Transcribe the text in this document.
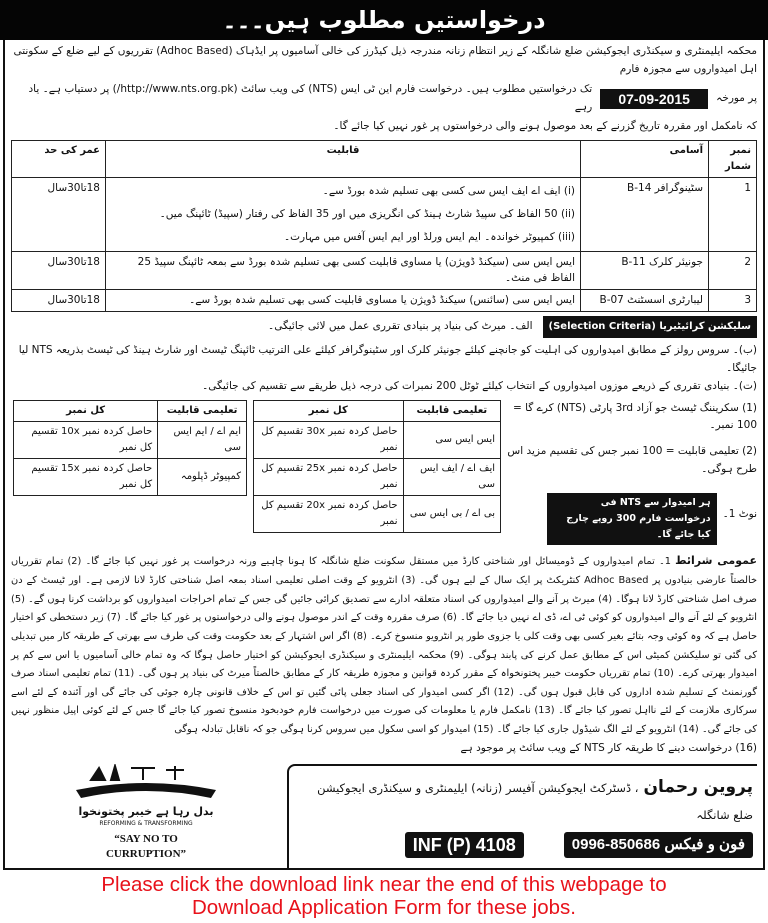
درخواستیں مطلوب ہیں۔۔۔
محکمہ ایلیمنٹری و سیکنڈری ایجوکیشن ضلع شانگلہ کے زیر انتظام زنانہ مندرجہ ذیل کیڈرز کی خالی آسامیوں پر ایڈہاک (Adhoc Based) تقرریوں کے لیے ضلع کے سکونتی اہل امیدواروں سے مجوزہ فارم
پر مورخہ
07-09-2015
تک درخواستیں مطلوب ہیں۔ درخواست فارم این ٹی ایس (NTS) کی ویب سائٹ (http://www.nts.org.pk/) پر دستیاب ہے۔ یاد رہے
کہ نامکمل اور مقررہ تاریخ گزرنے کے بعد موصول ہونے والی درخواستوں پر غور نہیں کیا جائے گا۔
نمبر شمار	آسامی	قابلیت	عمر کی حد
1	سٹینوگرافر B-14	(i) ایف اے ایف ایس سی کسی بھی تسلیم شدہ بورڈ سے۔
(ii) 50 الفاظ کی سپیڈ شارٹ ہینڈ کی انگریزی میں اور 35 الفاظ کی رفتار (سپیڈ) ٹائپنگ میں۔
(iii) کمپیوٹر خواندہ۔ ایم ایس ورلڈ اور ایم ایس آفس میں مہارت۔	18تا30سال
2	جونیئر کلرک B-11	ایس ایس سی (سیکنڈ ڈویژن) یا مساوی قابلیت کسی بھی تسلیم شدہ بورڈ سے بمعہ ٹائپنگ سپیڈ 25 الفاظ فی منٹ۔	18تا30سال
3	لیبارٹری اسسٹنٹ B-07	ایس ایس سی (سائنس) سیکنڈ ڈویژن یا مساوی قابلیت کسی بھی تسلیم شدہ بورڈ سے۔	18تا30سال
سلیکشن کرائیٹیریا (Selection Criteria)
الف۔ میرٹ کی بنیاد پر بنیادی تقرری عمل میں لائی جائیگی۔
(ب)۔ سروس رولز کے مطابق امیدواروں کی اہلیت کو جانچنے کیلئے جونیئر کلرک اور سٹینوگرافر کیلئے علی الترتیب ٹائپنگ ٹیسٹ اور شارٹ ہینڈ کی ٹیسٹ بذریعہ NTS لیا جائیگا۔
(ت)۔ بنیادی تقرری کے ذریعے موزوں امیدواروں کے انتخاب کیلئے ٹوٹل 200 نمبرات کی درجہ ذیل طریقے سے تقسیم کی جائیگی۔
(1) سکریننگ ٹیسٹ جو آزاد 3rd پارٹی (NTS) کرے گا = 100 نمبر۔
(2) تعلیمی قابلیت = 100 نمبر جس کی تقسیم مزید اس طرح ہوگی۔
نوٹ 1۔
ہر امیدوار سے NTS فی درخواست فارم 300 روپے چارج کیا جائے گا۔
تعلیمی قابلیت	کل نمبر
ایس ایس سی	حاصل کردہ نمبر 30x تقسیم کل نمبر
ایف اے / ایف ایس سی	حاصل کردہ نمبر 25x تقسیم کل نمبر
بی اے / بی ایس سی	حاصل کردہ نمبر 20x تقسیم کل نمبر
تعلیمی قابلیت	کل نمبر
ایم اے / ایم ایس سی	حاصل کردہ نمبر 10x تقسیم کل نمبر
کمپیوٹر ڈپلومہ	حاصل کردہ نمبر 15x تقسیم کل نمبر
عمومی شرائط 1۔ تمام امیدواروں کے ڈومیسائل اور شناختی کارڈ میں مستقل سکونت ضلع شانگلہ کا ہونا چاہیے ورنہ درخواست پر غور نہیں کیا جائے گا۔ (2) تمام تقرریاں خالصتاً عارضی بنیادوں پر Adhoc Based کنٹریکٹ پر ایک سال کے لیے ہوں گی۔ (3) انٹرویو کے وقت اصلی تعلیمی اسناد بمعہ اصل شناختی کارڈ لانا لازمی ہے۔ اور ٹیسٹ کے دن صرف اصل شناختی کارڈ لانا ہوگا۔ (4) میرٹ پر آنے والے امیدواروں کی اسناد متعلقہ ادارے سے تصدیق کرائی جائیں گی جس کے تمام اخراجات امیدواروں کو برداشت کرنا ہوں گے۔ (5) انٹرویو کے لئے آنے والے امیدواروں کو کوئی ٹی اے، ڈی اے نہیں دیا جائے گا۔ (6) صرف مقررہ وقت کے اندر موصول ہونے والی درخواستوں پر غور کیا جائے گا۔ (7) زیر دستخطی کو اختیار حاصل ہے کہ وہ کوئی وجہ بتائے بغیر کسی بھی وقت کلی یا جزوی طور پر انٹرویو منسوخ کرے۔ (8) اگر اس اشتہار کے بعد حکومت وقت کی طرف سے بھرتی کے طریقہ کار میں تبدیلی کی گئی تو سلیکشن کمیٹی اس کے مطابق عمل کرنے کی پابند ہوگی۔ (9) محکمہ ایلیمنٹری و سیکنڈری ایجوکیشن کو اختیار حاصل ہوگا کہ وہ تمام خالی آسامیوں یا اس سے کم پر امیدوار بھرتی کرے۔ (10) تمام تقرریاں حکومت خیبر پختونخواہ کے مقرر کردہ قوانین و مجوزہ طریقہ کار کے مطابق خالصتاً میرٹ کی بنیاد پر ہوں گی۔ (11) تمام تعلیمی اسناد صرف گورنمنٹ کے تسلیم شدہ اداروں کی قابل قبول ہوں گی۔ (12) اگر کسی امیدوار کی اسناد جعلی پائی گئیں تو اس کے خلاف قانونی چارہ جوئی کی جائے گی اور آئندہ کے لئے اسے سرکاری ملازمت کے لئے نااہل تصور کیا جائے گا۔ (13) نامکمل فارم یا معلومات کی صورت میں درخواست فارم خودبخود منسوخ تصور کیا جائے گا جس کے لئے کوئی اپیل منظور نہیں کی جائے گی۔ (14) انٹرویو کے لئے الگ شیڈول جاری کیا جائے گا۔ (15) امیدوار کو اسی سکول میں سروس کرنا ہوگی جو کہ ناقابل تبادلہ ہوگی
(16) درخواست دینے کا طریقہ کار NTS کے ویب سائٹ پر موجود ہے
پروین رحمان ، ڈسٹرکٹ ایجوکیشن آفیسر (زنانہ) ایلیمنٹری و سیکنڈری ایجوکیشن ضلع شانگلہ
فون و فیکس 0996-850686
INF (P) 4108
بدل رہا ہے خیبر پختونخوا
REFORMING & TRANSFORMING
“SAY NO TO
CURRUPTION”
Please click the download link near the end of this webpage to
Download Application Form for these jobs.
